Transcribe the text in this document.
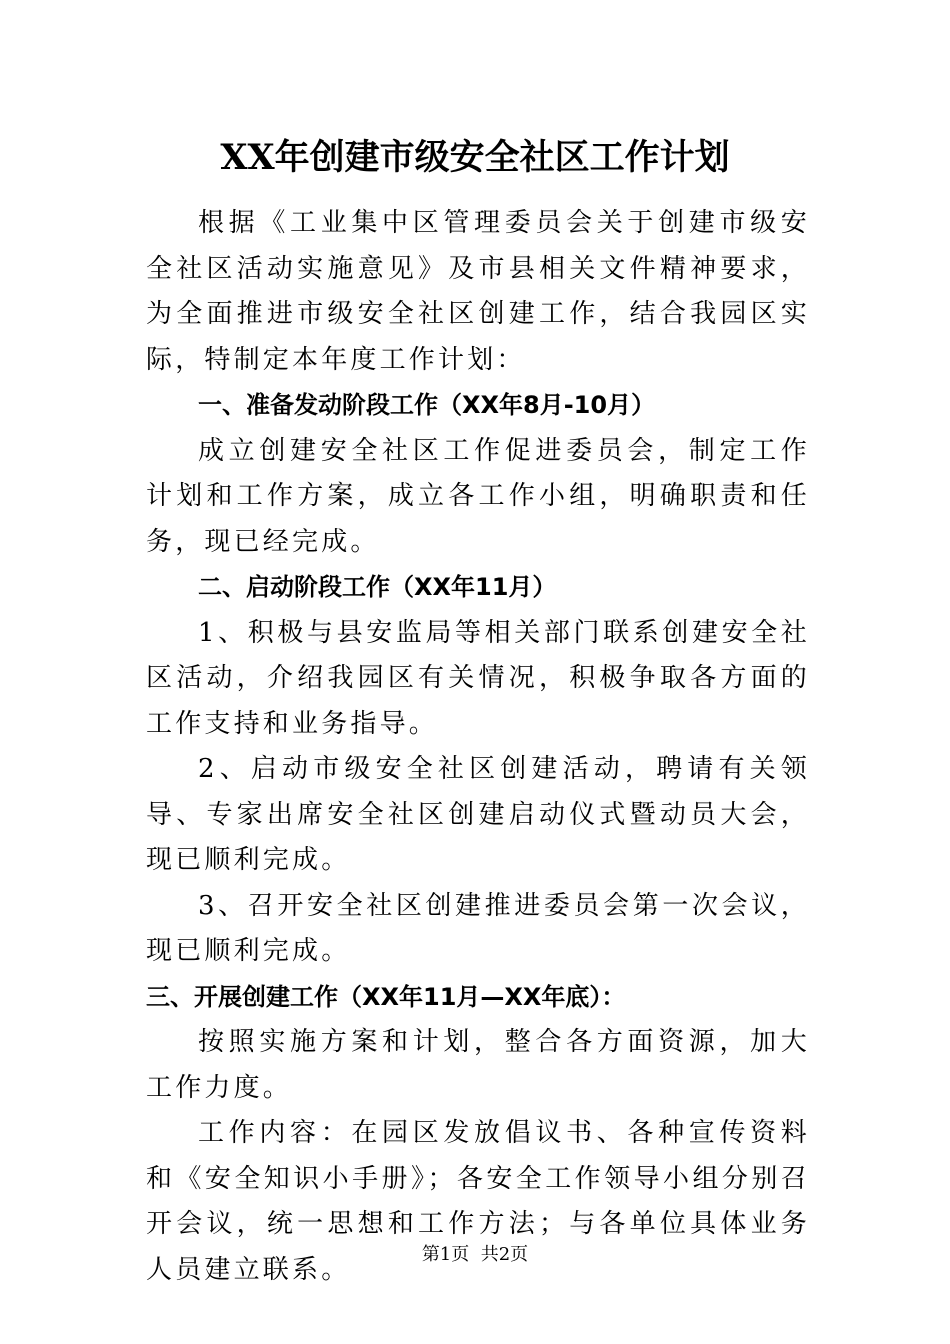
XX年创建市级安全社区工作计划

根据《工业集中区管理委员会关于创建市级安全社区活动实施意见》及市县相关文件精神要求，为全面推进市级安全社区创建工作，结合我园区实际，特制定本年度工作计划：

一、准备发动阶段工作（XX年8月-10月）

成立创建安全社区工作促进委员会，制定工作计划和工作方案，成立各工作小组，明确职责和任务，现已经完成。

二、启动阶段工作（XX年11月）

1、积极与县安监局等相关部门联系创建安全社区活动，介绍我园区有关情况，积极争取各方面的工作支持和业务指导。

2、启动市级安全社区创建活动，聘请有关领导、专家出席安全社区创建启动仪式暨动员大会，现已顺利完成。

3、召开安全社区创建推进委员会第一次会议，现已顺利完成。

三、开展创建工作（XX年11月—XX年底）：

按照实施方案和计划，整合各方面资源，加大工作力度。

工作内容：在园区发放倡议书、各种宣传资料和《安全知识小手册》；各安全工作领导小组分别召开会议，统一思想和工作方法；与各单位具体业务人员建立联系。	第1页  共2页
